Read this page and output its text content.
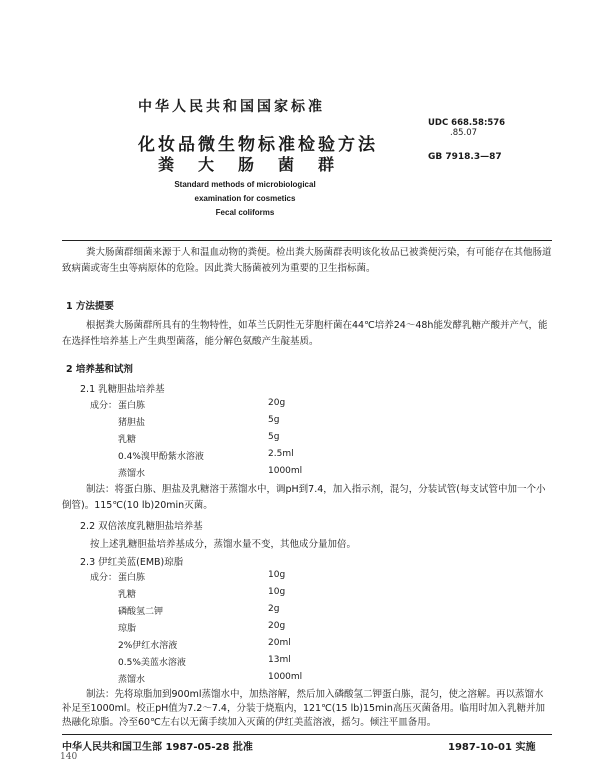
中华人民共和国国家标准
化妆品微生物标准检验方法
粪大肠菌群
UDC 668.58:576
.85.07
GB 7918.3—87
Standard methods of microbiological
examination for cosmetics
Fecal coliforms
粪大肠菌群细菌来源于人和温血动物的粪便。检出粪大肠菌群表明该化妆品已被粪便污染，有可能存在其他肠道致病菌或寄生虫等病原体的危险。因此粪大肠菌被列为重要的卫生指标菌。
1 方法提要
根据粪大肠菌群所具有的生物特性，如革兰氏阴性无芽胞杆菌在44℃培养24～48h能发酵乳糖产酸并产气，能在选择性培养基上产生典型菌落，能分解色氨酸产生靛基质。
2 培养基和试剂
2.1 乳糖胆盐培养基
成分： 蛋白胨	20g
猪胆盐	5g
乳糖	5g
0.4%溴甲酚紫水溶液	2.5ml
蒸馏水	1000ml
制法：将蛋白胨、胆盐及乳糖溶于蒸馏水中，调pH到7.4，加入指示剂，混匀，分装试管(每支试管中加一个小倒管)。115℃(10 lb)20min灭菌。
2.2 双倍浓度乳糖胆盐培养基
按上述乳糖胆盐培养基成分，蒸馏水量不变，其他成分量加倍。
2.3 伊红美蓝(EMB)琼脂
成分： 蛋白胨	10g
乳糖	10g
磷酸氢二钾	2g
琼脂	20g
2%伊红水溶液	20ml
0.5%美蓝水溶液	13ml
蒸馏水	1000ml
制法：先将琼脂加到900ml蒸馏水中，加热溶解，然后加入磷酸氢二钾蛋白胨，混匀，使之溶解。再以蒸馏水补足至1000ml。校正pH值为7.2～7.4，分装于烧瓶内，121℃(15 lb)15min高压灭菌备用。临用时加入乳糖并加热融化琼脂。冷至60℃左右以无菌手续加入灭菌的伊红美蓝溶液，摇匀。倾注平皿备用。
中华人民共和国卫生部 1987-05-28 批准	1987-10-01 实施
140
